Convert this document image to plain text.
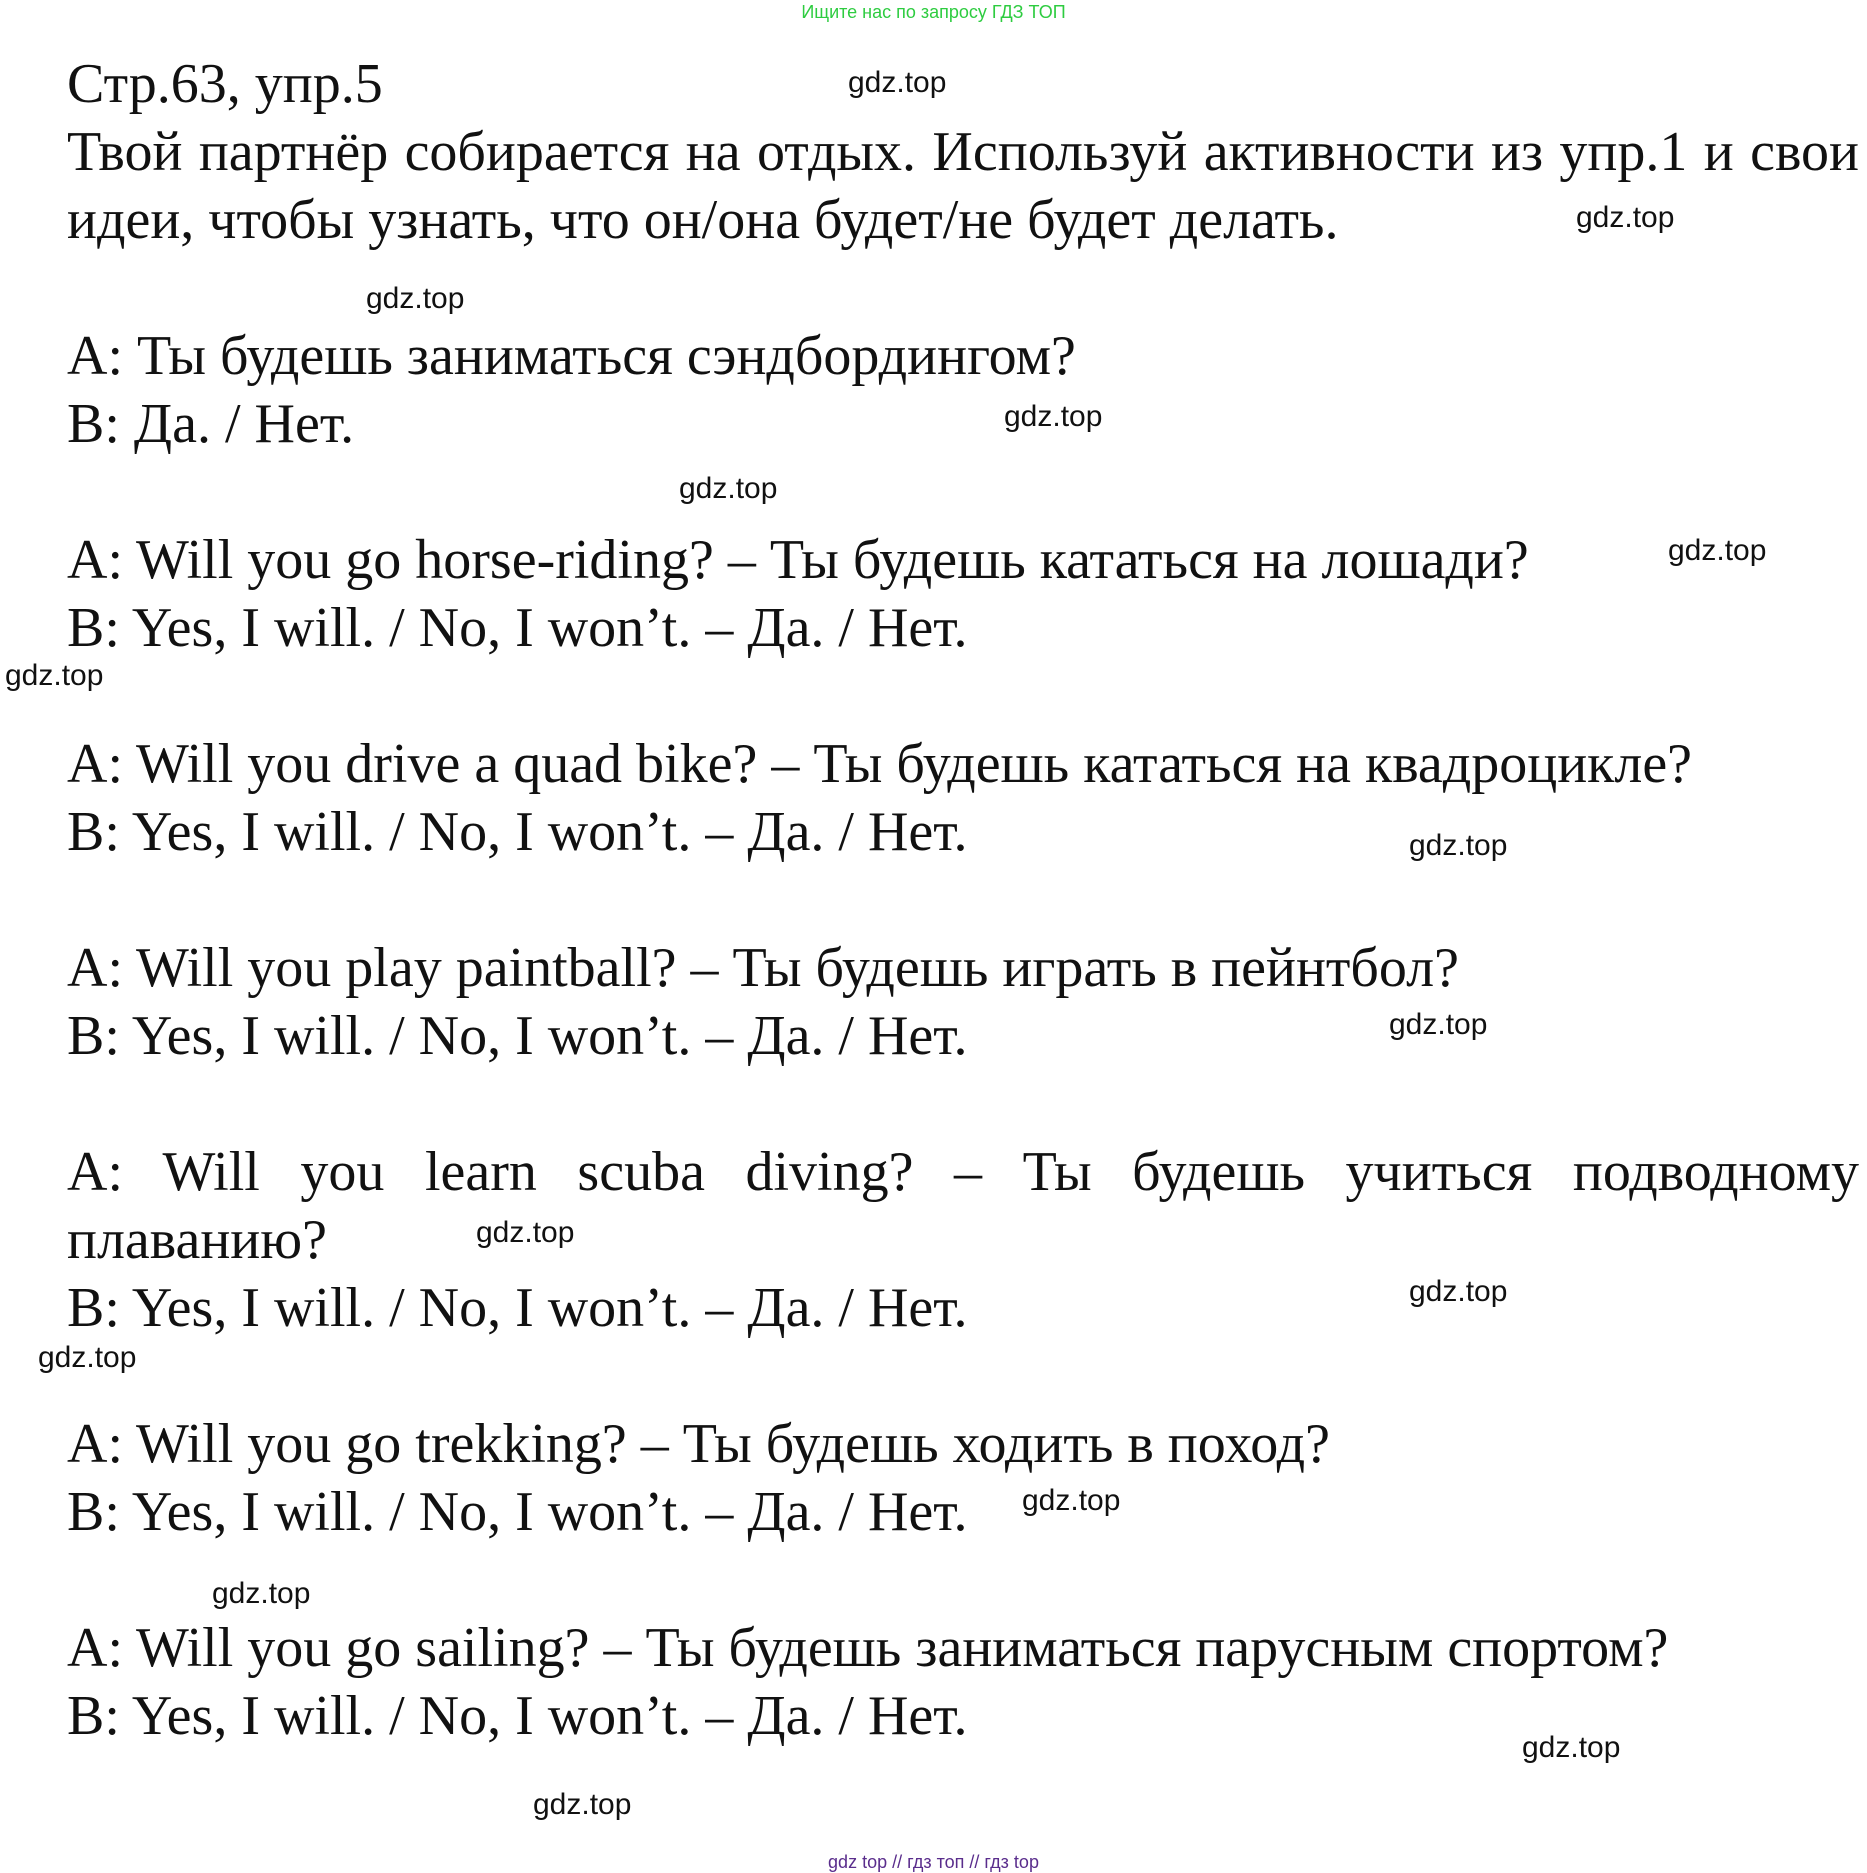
Ищите нас по запросу ГДЗ ТОП
Стр.63, упр.5

Твой партнёр собирается на отдых. Используй активности из упр.1 и свои идеи, чтобы узнать, что он/она будет/не будет делать.

A: Ты будешь заниматься сэндбордингом?

B: Да. / Нет.

A: Will you go horse-riding? – Ты будешь кататься на лошади?

B: Yes, I will. / No, I won’t. – Да. / Нет.

A: Will you drive a quad bike? – Ты будешь кататься на квадроцикле?

B: Yes, I will. / No, I won’t. – Да. / Нет.

A: Will you play paintball? – Ты будешь играть в пейнтбол?

B: Yes, I will. / No, I won’t. – Да. / Нет.

A: Will you learn scuba diving? – Ты будешь учиться подводному плаванию?

B: Yes, I will. / No, I won’t. – Да. / Нет.

A: Will you go trekking? – Ты будешь ходить в поход?

B: Yes, I will. / No, I won’t. – Да. / Нет.

A: Will you go sailing? – Ты будешь заниматься парусным спортом?

B: Yes, I will. / No, I won’t. – Да. / Нет.

gdz.top
gdz.top
gdz.top
gdz.top
gdz.top
gdz.top
gdz.top
gdz.top
gdz.top
gdz.top
gdz.top
gdz.top
gdz.top
gdz.top
gdz.top
gdz.top
gdz top // гдз топ // гдз top
